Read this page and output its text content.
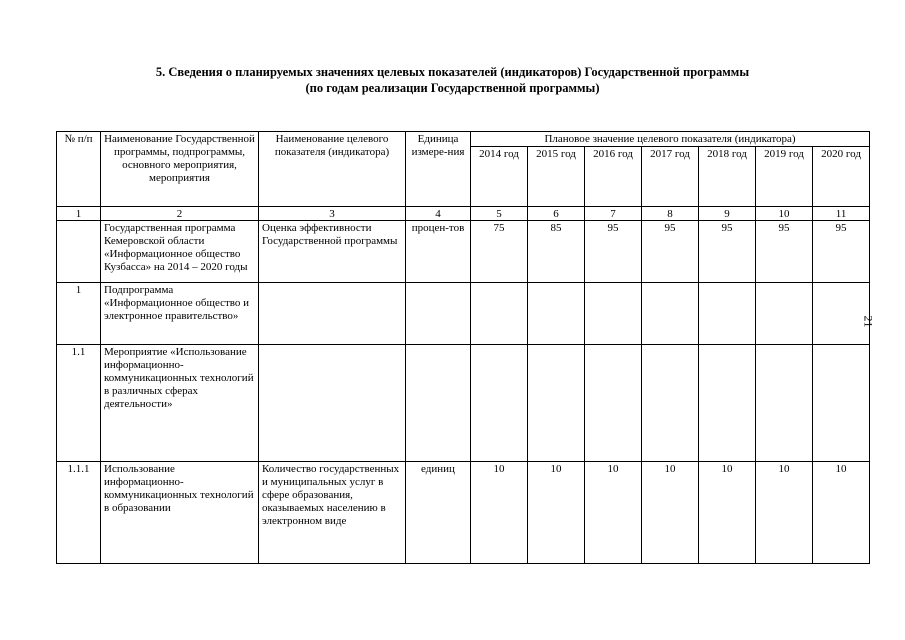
5. Сведения о планируемых значениях целевых показателей (индикаторов) Государственной программы
(по годам реализации Государственной программы)
21
№ п/п	Наименование Государственной программы, подпрограммы, основного мероприятия, мероприятия	Наименование целевого показателя (индикатора)	Единица измере-ния	Плановое значение целевого показателя (индикатора)						
				2014 год	2015 год	2016 год	2017 год	2018 год	2019 год	2020 год
1	2	3	4	5	6	7	8	9	10	11
	Государственная программа Кемеровской области «Информационное общество Кузбасса» на 2014 – 2020 годы	Оценка эффективности Государственной программы	процен-тов	75	85	95	95	95	95	95
1	Подпрограмма «Информационное общество и электронное правительство»									
1.1	Мероприятие «Использование информационно-коммуникационных технологий в различных сферах деятельности»									
1.1.1	Использование информационно-коммуникационных технологий в образовании	Количество государственных и муниципальных услуг в сфере образования, оказываемых населению в электронном виде	единиц	10	10	10	10	10	10	10
